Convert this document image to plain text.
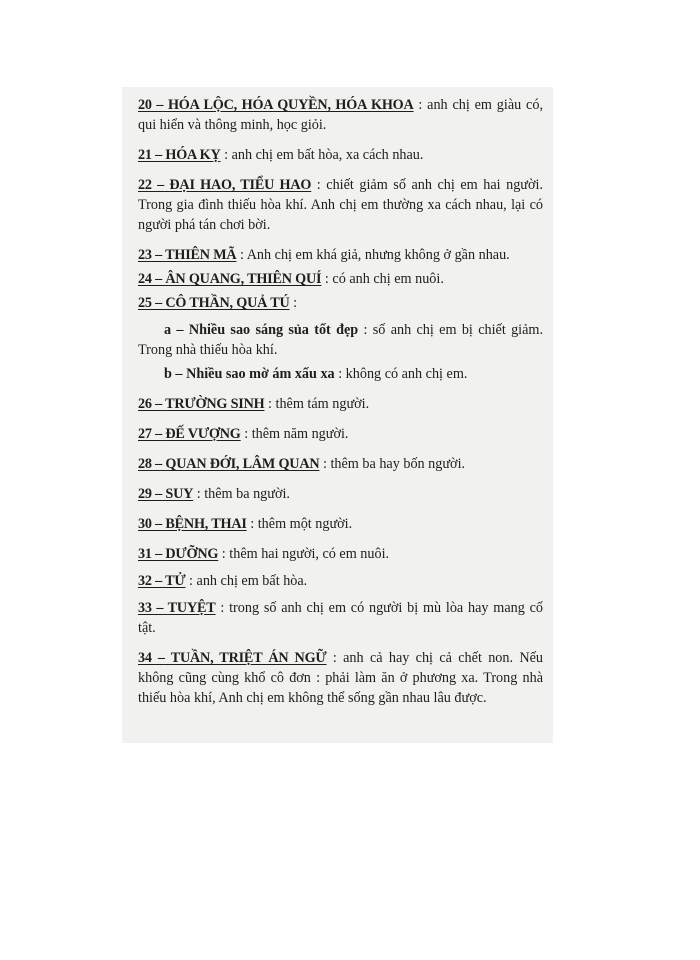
20 – HÓA LỘC, HÓA QUYỀN, HÓA KHOA : anh chị em giàu có, qui hiển và thông minh, học giỏi.

21 – HÓA KỴ : anh chị em bất hòa, xa cách nhau.

22 – ĐẠI HAO, TIỂU HAO : chiết giảm số anh chị em hai người. Trong gia đình thiếu hòa khí. Anh chị em thường xa cách nhau, lại có người phá tán chơi bời.

23 – THIÊN MÃ : Anh chị em khá giả, nhưng không ở gần nhau.

24 – ÂN QUANG, THIÊN QUÍ : có anh chị em nuôi.

25 – CÔ THẦN, QUẢ TÚ :

a – Nhiều sao sáng sủa tốt đẹp : số anh chị em bị chiết giảm. Trong nhà thiếu hòa khí.

b – Nhiều sao mờ ám xấu xa : không có anh chị em.

26 – TRƯỜNG SINH : thêm tám người.

27 – ĐẾ VƯỢNG : thêm năm người.

28 – QUAN ĐỚI, LÂM QUAN : thêm ba hay bốn người.

29 – SUY : thêm ba người.

30 – BỆNH, THAI : thêm một người.

31 – DƯỠNG : thêm hai người, có em nuôi.

32 – TỬ : anh chị em bất hòa.

33 – TUYỆT : trong số anh chị em có người bị mù lòa hay mang cố tật.

34 – TUẦN, TRIỆT ÁN NGỮ : anh cả hay chị cả chết non. Nếu không cũng cùng khổ cô đơn : phải làm ăn ở phương xa. Trong nhà thiếu hòa khí, Anh chị em không thể sống gần nhau lâu được.
